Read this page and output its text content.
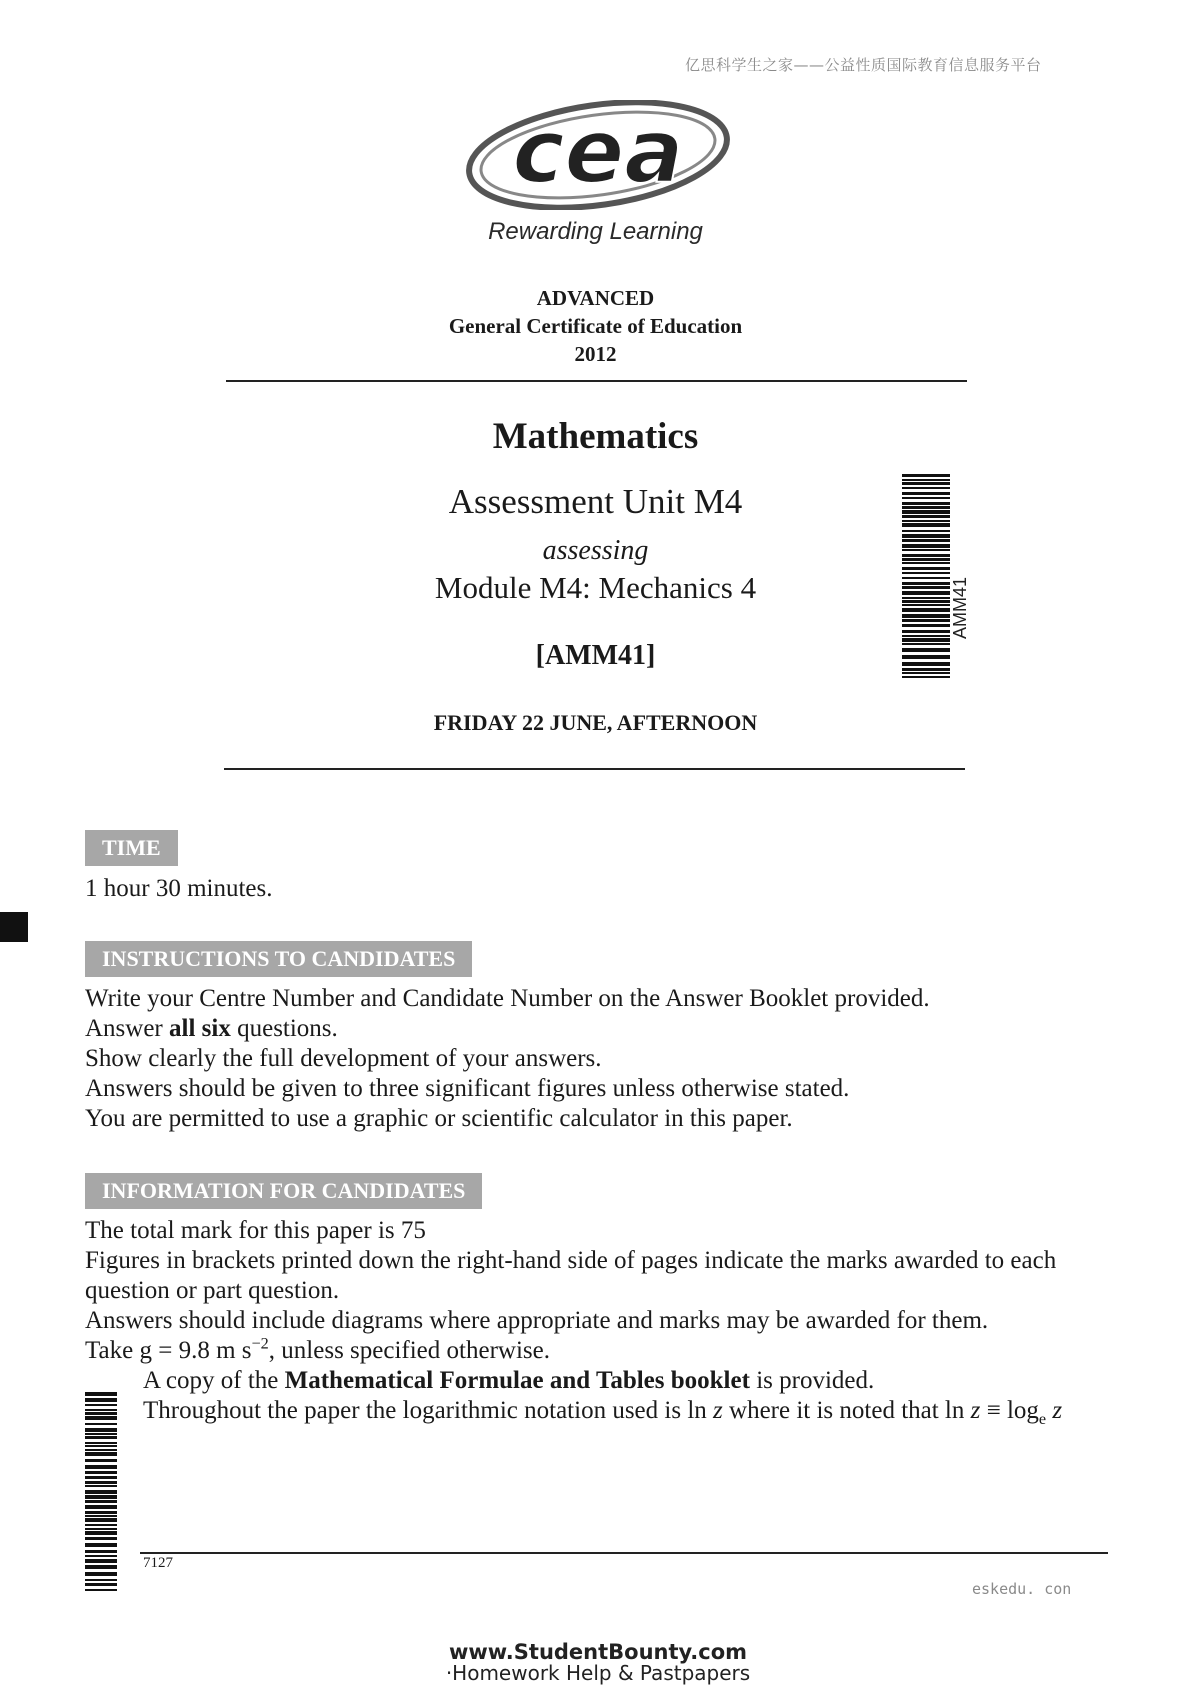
亿思科学生之家——公益性质国际教育信息服务平台
cea
Rewarding Learning
ADVANCED
General Certificate of Education
2012
Mathematics
Assessment Unit M4
assessing
Module M4: Mechanics 4
[AMM41]
FRIDAY 22 JUNE, AFTERNOON
AMM41
TIME
1 hour 30 minutes.
INSTRUCTIONS TO CANDIDATES
Write your Centre Number and Candidate Number on the Answer Booklet provided.
Answer all six questions.
Show clearly the full development of your answers.
Answers should be given to three significant figures unless otherwise stated.
You are permitted to use a graphic or scientific calculator in this paper.
INFORMATION FOR CANDIDATES
The total mark for this paper is 75
Figures in brackets printed down the right-hand side of pages indicate the marks awarded to each
question or part question.
Answers should include diagrams where appropriate and marks may be awarded for them.
Take g = 9.8 m $s^{-2}$, unless specified otherwise.
A copy of the Mathematical Formulae and Tables booklet is provided.
Throughout the paper the logarithmic notation used is ln z where it is noted that $\ln z \equiv \log_e z$
7127
eskedu. con
www.StudentBounty.com
·Homework Help & Pastpapers
